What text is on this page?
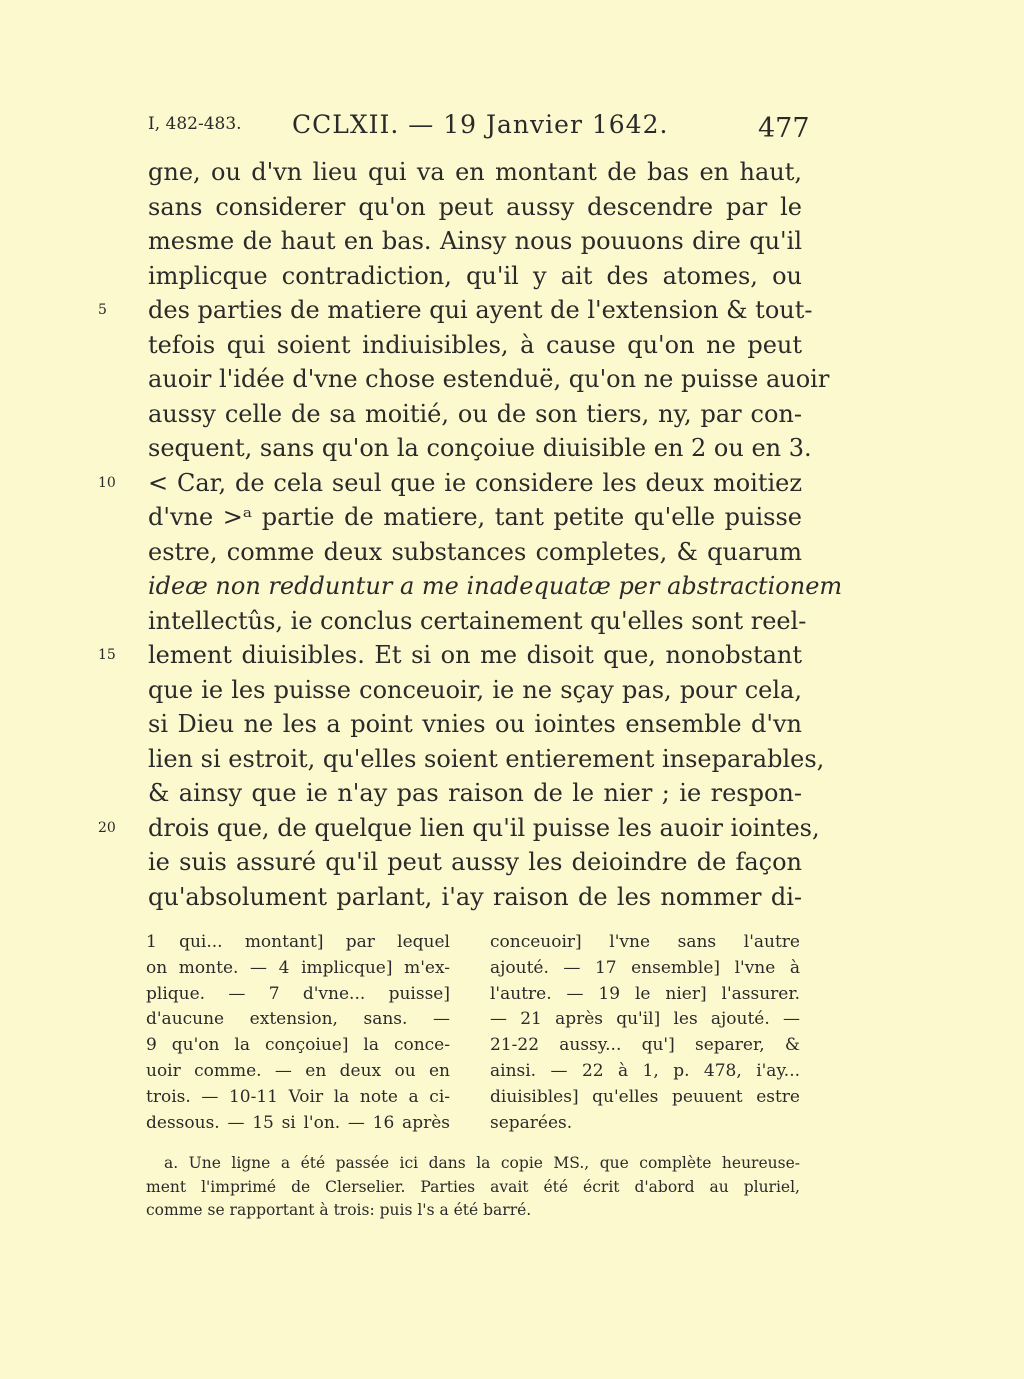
I, 482-483. CCLXII. — 19 Janvier 1642.	477
gne, ou d'vn lieu qui va en montant de bas en haut,
sans considerer qu'on peut aussy descendre par le
mesme de haut en bas. Ainsy nous pouuons dire qu'il
implicque contradiction, qu'il y ait des atomes, ou
5	des parties de matiere qui ayent de l'extension & tout-
tefois qui soient indiuisibles, à cause qu'on ne peut
auoir l'idée d'vne chose estenduë, qu'on ne puisse auoir
aussy celle de sa moitié, ou de son tiers, ny, par con-
sequent, sans qu'on la conçoiue diuisible en 2 ou en 3.
10	< Car, de cela seul que ie considere les deux moitiez
d'vne >ᵃ partie de matiere, tant petite qu'elle puisse
estre, comme deux substances completes, & quarum
ideæ non redduntur a me inadequatæ per abstractionem
intellectûs, ie conclus certainement qu'elles sont reel-
15	lement diuisibles. Et si on me disoit que, nonobstant
que ie les puisse conceuoir, ie ne sçay pas, pour cela,
si Dieu ne les a point vnies ou iointes ensemble d'vn
lien si estroit, qu'elles soient entierement inseparables,
& ainsy que ie n'ay pas raison de le nier ; ie respon-
20	drois que, de quelque lien qu'il puisse les auoir iointes,
ie suis assuré qu'il peut aussy les deioindre de façon
qu'absolument parlant, i'ay raison de les nommer di-
1 qui... montant] par lequel
on monte. — 4 implicque] m'ex-
plique. — 7 d'vne... puisse]
d'aucune extension, sans. —
9 qu'on la conçoiue] la conce-
uoir comme. — en deux ou en
trois. — 10-11 Voir la note a ci-
dessous. — 15 si l'on. — 16 après
conceuoir] l'vne sans l'autre
ajouté. — 17 ensemble] l'vne à
l'autre. — 19 le nier] l'assurer.
— 21 après qu'il] les ajouté. —
21-22 aussy... qu'] separer, &
ainsi. — 22 à 1, p. 478, i'ay...
diuisibles] qu'elles peuuent estre
separées.
a. Une ligne a été passée ici dans la copie MS., que complète heureuse-
ment l'imprimé de Clerselier. Parties avait été écrit d'abord au pluriel,
comme se rapportant à trois: puis l's a été barré.
